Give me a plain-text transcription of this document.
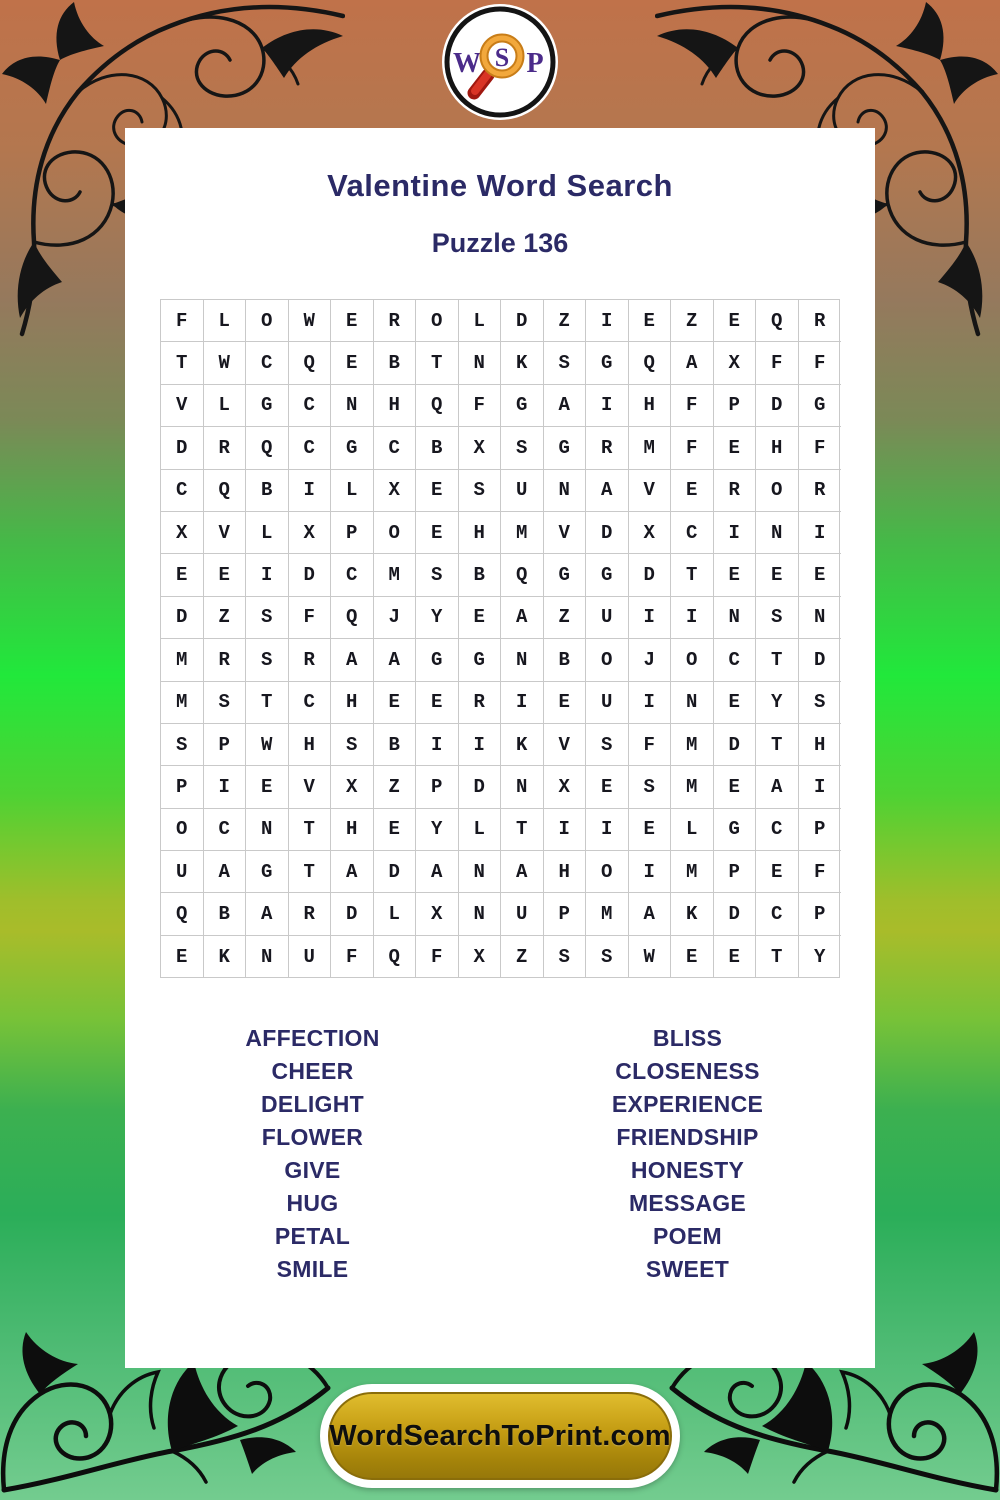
Valentine Word Search
Puzzle 136
F	L	O	W	E	R	O	L	D	Z	I	E	Z	E	Q	R
T	W	C	Q	E	B	T	N	K	S	G	Q	A	X	F	F
V	L	G	C	N	H	Q	F	G	A	I	H	F	P	D	G
D	R	Q	C	G	C	B	X	S	G	R	M	F	E	H	F
C	Q	B	I	L	X	E	S	U	N	A	V	E	R	O	R
X	V	L	X	P	O	E	H	M	V	D	X	C	I	N	I
E	E	I	D	C	M	S	B	Q	G	G	D	T	E	E	E
D	Z	S	F	Q	J	Y	E	A	Z	U	I	I	N	S	N
M	R	S	R	A	A	G	G	N	B	O	J	O	C	T	D
M	S	T	C	H	E	E	R	I	E	U	I	N	E	Y	S
S	P	W	H	S	B	I	I	K	V	S	F	M	D	T	H
P	I	E	V	X	Z	P	D	N	X	E	S	M	E	A	I
O	C	N	T	H	E	Y	L	T	I	I	E	L	G	C	P
U	A	G	T	A	D	A	N	A	H	O	I	M	P	E	F
Q	B	A	R	D	L	X	N	U	P	M	A	K	D	C	P
E	K	N	U	F	Q	F	X	Z	S	S	W	E	E	T	Y
AFFECTION
CHEER
DELIGHT
FLOWER
GIVE
HUG
PETAL
SMILE
BLISS
CLOSENESS
EXPERIENCE
FRIENDSHIP
HONESTY
MESSAGE
POEM
SWEET
W P
S
WordSearchToPrint.com
